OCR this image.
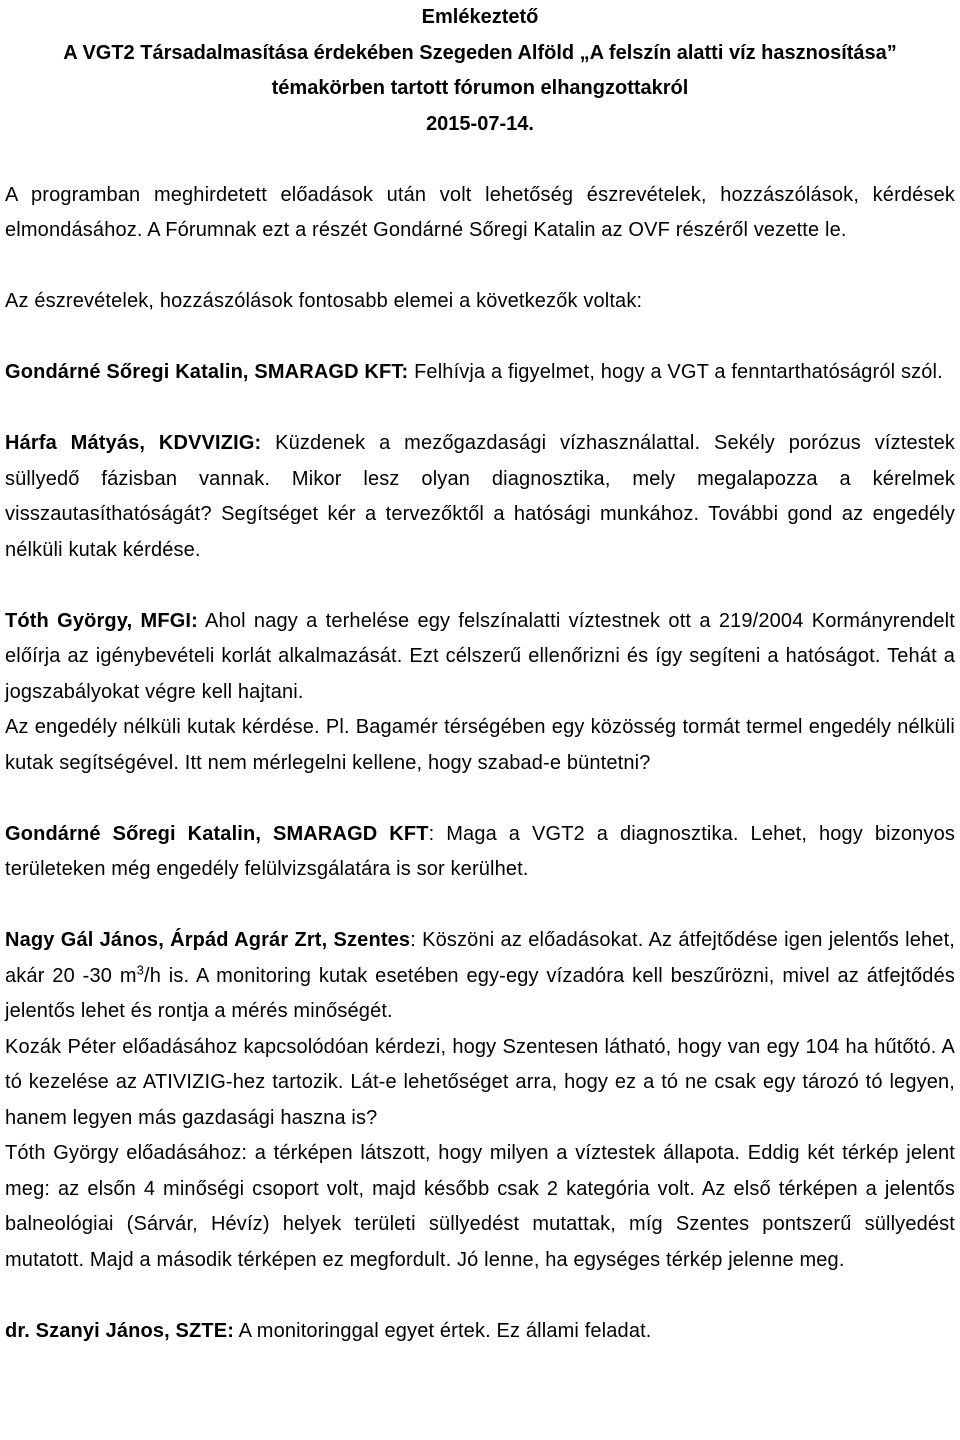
Emlékeztető
A VGT2 Társadalmasítása érdekében Szegeden Alföld „A felszín alatti víz hasznosítása”
témakörben tartott fórumon elhangzottakról
2015-07-14.

A programban meghirdetett előadások után volt lehetőség észrevételek, hozzászólások, kérdések elmondásához. A Fórumnak ezt a részét Gondárné Sőregi Katalin az OVF részéről vezette le.

Az észrevételek, hozzászólások fontosabb elemei a következők voltak:

Gondárné Sőregi Katalin, SMARAGD KFT: Felhívja a figyelmet, hogy a VGT a fenntarthatóságról szól.

Hárfa Mátyás, KDVVIZIG: Küzdenek a mezőgazdasági vízhasználattal. Sekély porózus víztestek süllyedő fázisban vannak. Mikor lesz olyan diagnosztika, mely megalapozza a kérelmek visszautasíthatóságát? Segítséget kér a tervezőktől a hatósági munkához. További gond az engedély nélküli kutak kérdése.

Tóth György, MFGI: Ahol nagy a terhelése egy felszínalatti víztestnek ott a 219/2004 Kormányrendelt előírja az igénybevételi korlát alkalmazását. Ezt célszerű ellenőrizni és így segíteni a hatóságot. Tehát a jogszabályokat végre kell hajtani.

Az engedély nélküli kutak kérdése. Pl. Bagamér térségében egy közösség tormát termel engedély nélküli kutak segítségével. Itt nem mérlegelni kellene, hogy szabad-e büntetni?

Gondárné Sőregi Katalin, SMARAGD KFT: Maga a VGT2 a diagnosztika. Lehet, hogy bizonyos területeken még engedély felülvizsgálatára is sor kerülhet.

Nagy Gál János, Árpád Agrár Zrt, Szentes: Köszöni az előadásokat. Az átfejtődése igen jelentős lehet, akár 20 -30 $m^3/h$ is. A monitoring kutak esetében egy-egy vízadóra kell beszűrözni, mivel az átfejtődés jelentős lehet és rontja a mérés minőségét.

Kozák Péter előadásához kapcsolódóan kérdezi, hogy Szentesen látható, hogy van egy 104 ha hűtőtó. A tó kezelése az ATIVIZIG-hez tartozik. Lát-e lehetőséget arra, hogy ez a tó ne csak egy tározó tó legyen, hanem legyen más gazdasági haszna is?

Tóth György előadásához: a térképen látszott, hogy milyen a víztestek állapota. Eddig két térkép jelent meg: az elsőn 4 minőségi csoport volt, majd később csak 2 kategória volt. Az első térképen a jelentős balneológiai (Sárvár, Hévíz) helyek területi süllyedést mutattak, míg Szentes pontszerű süllyedést mutatott. Majd a második térképen ez megfordult. Jó lenne, ha egységes térkép jelenne meg.

dr. Szanyi János, SZTE: A monitoringgal egyet értek. Ez állami feladat.
